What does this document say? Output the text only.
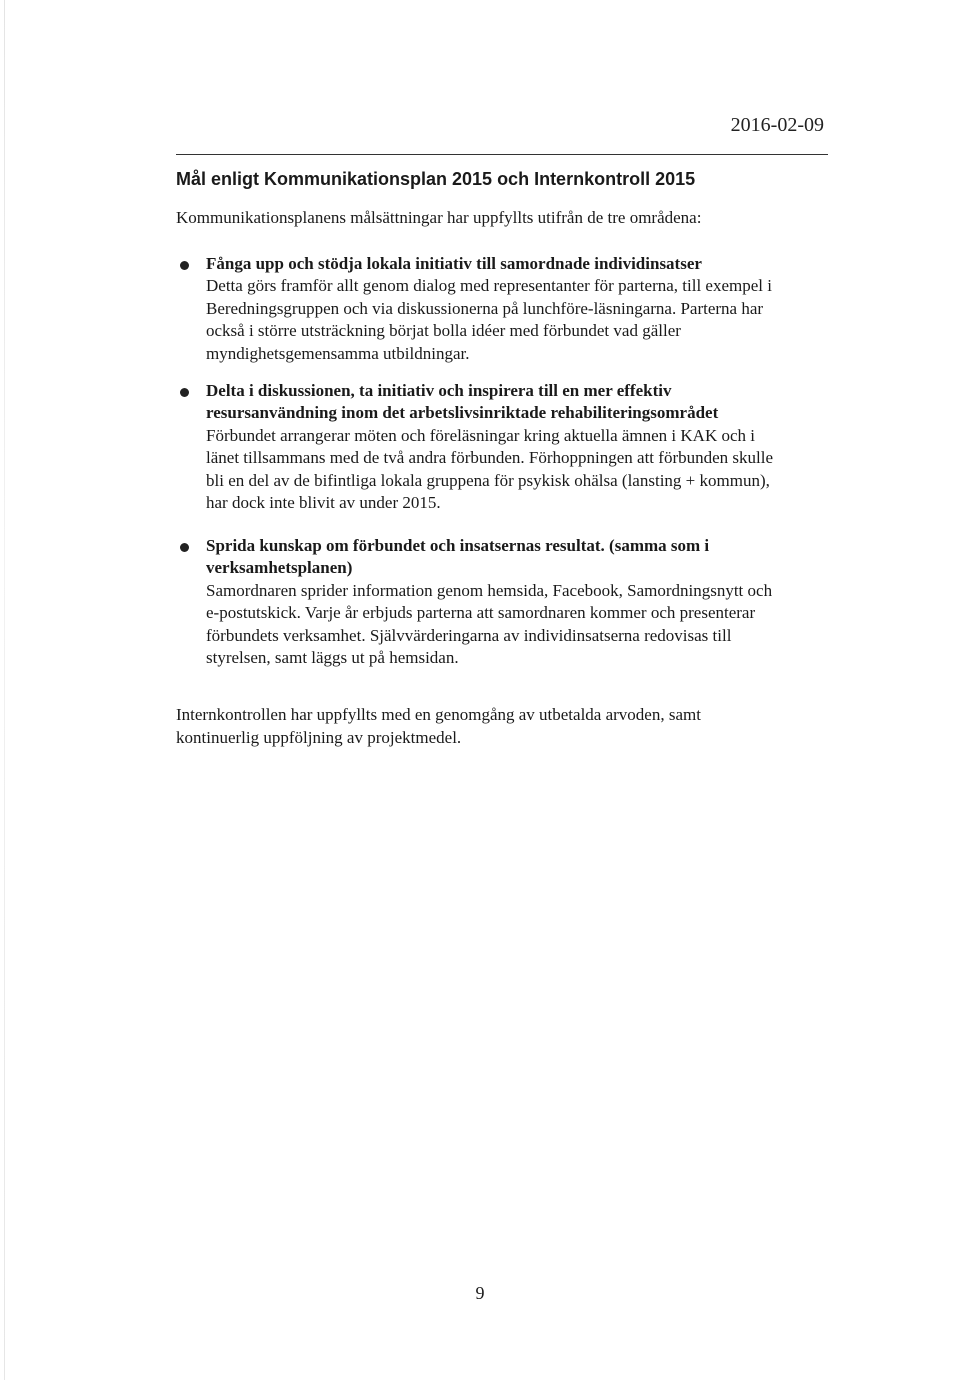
2016-02-09
Mål enligt Kommunikationsplan 2015 och Internkontroll 2015
Kommunikationsplanens målsättningar har uppfyllts utifrån de tre områdena:
Fånga upp och stödja lokala initiativ till samordnade individinsatser
Detta görs framför allt genom dialog med representanter för parterna, till exempel i Beredningsgruppen och via diskussionerna på lunchföre-läsningarna. Parterna har också i större utsträckning börjat bolla idéer med förbundet vad gäller myndighetsgemensamma utbildningar.
Delta i diskussionen, ta initiativ och inspirera till en mer effektiv resursanvändning inom det arbetslivsinriktade rehabiliteringsområdet
Förbundet arrangerar möten och föreläsningar kring aktuella ämnen i KAK och i länet tillsammans med de två andra förbunden. Förhoppningen att förbunden skulle bli en del av de bifintliga lokala gruppena för psykisk ohälsa (lansting + kommun), har dock inte blivit av under 2015.
Sprida kunskap om förbundet och insatsernas resultat. (samma som i verksamhetsplanen)
Samordnaren sprider information genom hemsida, Facebook, Samordningsnytt och e-postutskick. Varje år erbjuds parterna att samordnaren kommer och presenterar förbundets verksamhet. Självvärderingarna av individinsatserna redovisas till styrelsen, samt läggs ut på hemsidan.
Internkontrollen har uppfyllts med en genomgång av utbetalda arvoden, samt kontinuerlig uppföljning av projektmedel.
9
